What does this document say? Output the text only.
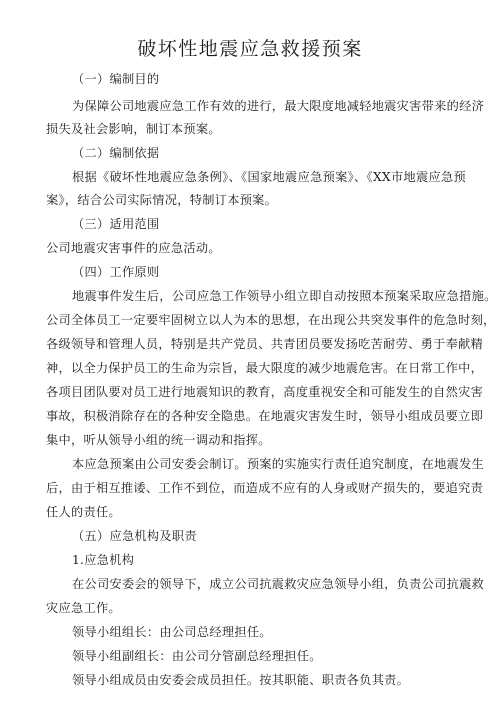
破坏性地震应急救援预案
（一）编制目的
为保障公司地震应急工作有效的进行，最大限度地减轻地震灾害带来的经济
损失及社会影响，制订本预案。
（二）编制依据
根据《破坏性地震应急条例》、《国家地震应急预案》、《XX市地震应急预
案》，结合公司实际情况，特制订本预案。
（三）适用范围
公司地震灾害事件的应急活动。
（四）工作原则
地震事件发生后，公司应急工作领导小组立即自动按照本预案采取应急措施。
公司全体员工一定要牢固树立以人为本的思想，在出现公共突发事件的危急时刻，
各级领导和管理人员，特别是共产党员、共青团员要发扬吃苦耐劳、勇于奉献精
神，以全力保护员工的生命为宗旨，最大限度的减少地震危害。在日常工作中，
各项目团队要对员工进行地震知识的教育，高度重视安全和可能发生的自然灾害
事故，积极消除存在的各种安全隐患。在地震灾害发生时，领导小组成员要立即
集中，听从领导小组的统一调动和指挥。
本应急预案由公司安委会制订。预案的实施实行责任追究制度，在地震发生
后，由于相互推诿、工作不到位，而造成不应有的人身或财产损失的，要追究责
任人的责任。
（五）应急机构及职责
1.应急机构
在公司安委会的领导下，成立公司抗震救灾应急领导小组，负责公司抗震救
灾应急工作。
领导小组组长：由公司总经理担任。
领导小组副组长：由公司分管副总经理担任。
领导小组成员由安委会成员担任。按其职能、职责各负其责。
